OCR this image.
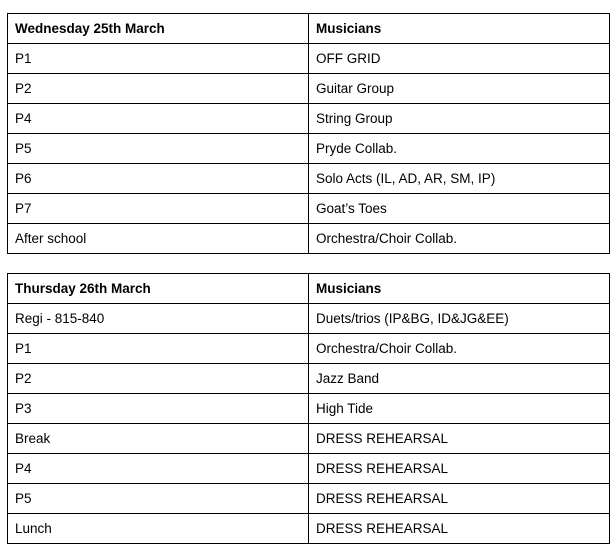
Wednesday 25th March	Musicians
P1	OFF GRID
P2	Guitar Group
P4	String Group
P5	Pryde Collab.
P6	Solo Acts (IL, AD, AR, SM, IP)
P7	Goat’s Toes
After school	Orchestra/Choir Collab.
Thursday 26th March	Musicians
Regi - 815-840	Duets/trios (IP&BG, ID&JG&EE)
P1	Orchestra/Choir Collab.
P2	Jazz Band
P3	High Tide
Break	DRESS REHEARSAL
P4	DRESS REHEARSAL
P5	DRESS REHEARSAL
Lunch	DRESS REHEARSAL
